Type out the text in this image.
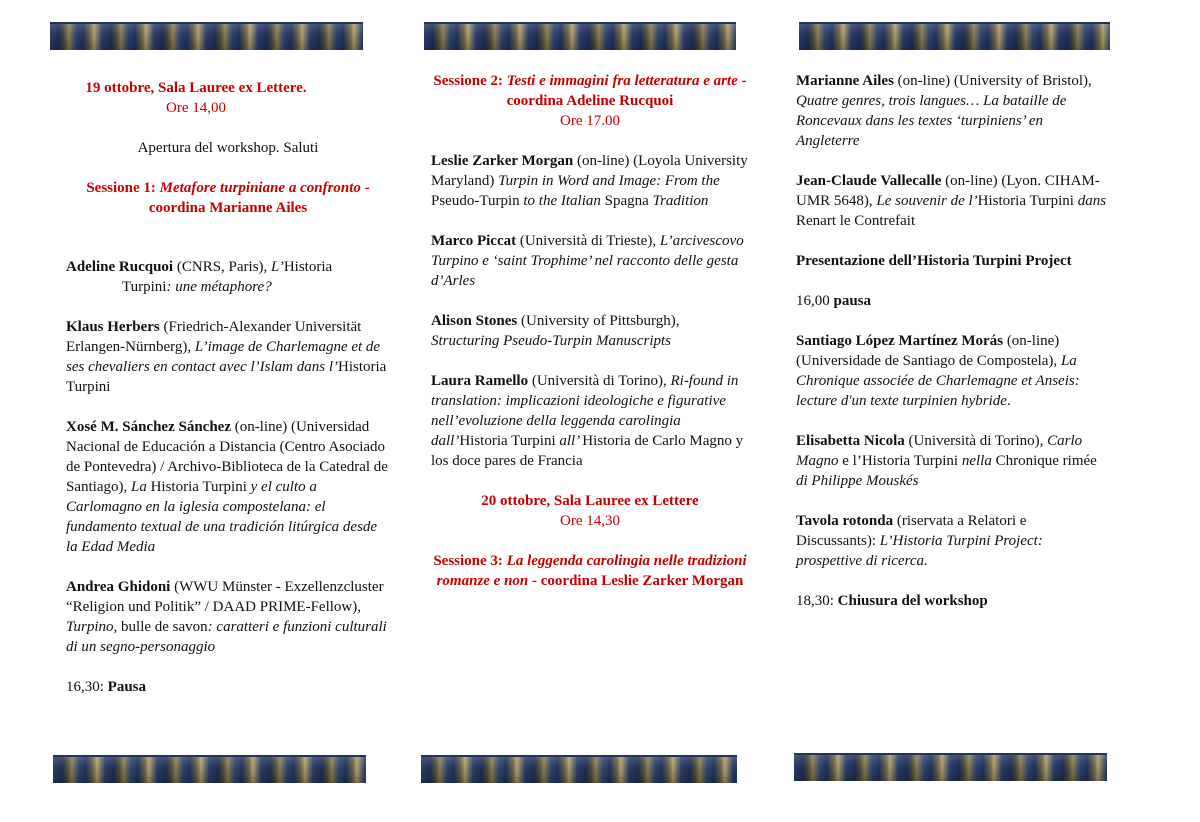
19 ottobre, Sala Lauree ex Lettere.
Ore 14,00

Apertura del workshop. Saluti

Sessione 1: Metafore turpiniane a confronto - coordina Marianne Ailes

Adeline Rucquoi (CNRS, Paris), L’Historia
Turpini: une métaphore?

Klaus Herbers (Friedrich-Alexander Universität Erlangen-Nürnberg), L’image de Charlemagne et de ses chevaliers en contact avec l’Islam dans l’Historia Turpini

Xosé M. Sánchez Sánchez (on-line) (Universidad Nacional de Educación a Distancia (Centro Asociado de Pontevedra) / Archivo-Biblioteca de la Catedral de Santiago), La Historia Turpini y el culto a Carlomagno en la iglesia compostelana: el fundamento textual de una tradición litúrgica desde la Edad Media

Andrea Ghidoni (WWU Münster - Exzellenzcluster “Religion und Politik” / DAAD PRIME-Fellow), Turpino, bulle de savon: caratteri e funzioni culturali di un segno-personaggio

16,30: Pausa

Sessione 2: Testi e immagini fra letteratura e arte - coordina Adeline Rucquoi
Ore 17.00

Leslie Zarker Morgan (on-line) (Loyola University Maryland) Turpin in Word and Image: From the Pseudo-Turpin to the Italian Spagna Tradition

Marco Piccat (Università di Trieste), L’arcivescovo Turpino e ‘saint Trophime’ nel racconto delle gesta d’Arles

Alison Stones (University of Pittsburgh), Structuring Pseudo-Turpin Manuscripts

Laura Ramello (Università di Torino), Ri-found in translation: implicazioni ideologiche e figurative nell’evoluzione della leggenda carolingia dall’Historia Turpini all’ Historia de Carlo Magno y los doce pares de Francia

20 ottobre, Sala Lauree ex Lettere
Ore 14,30

Sessione 3: La leggenda carolingia nelle tradizioni romanze e non - coordina Leslie Zarker Morgan

Marianne Ailes (on-line) (University of Bristol), Quatre genres, trois langues… La bataille de Roncevaux dans les textes ‘turpiniens’ en Angleterre

Jean-Claude Vallecalle (on-line) (Lyon. CIHAM-UMR 5648), Le souvenir de l’Historia Turpini dans Renart le Contrefait

Presentazione dell’Historia Turpini Project

16,00 pausa

Santiago López Martínez Morás (on-line) (Universidade de Santiago de Compostela), La Chronique associée de Charlemagne et Anseis: lecture d'un texte turpinien hybride.

Elisabetta Nicola (Università di Torino), Carlo Magno e l’Historia Turpini nella Chronique rimée di Philippe Mouskés

Tavola rotonda (riservata a Relatori e Discussants): L’Historia Turpini Project: prospettive di ricerca.

18,30: Chiusura del workshop
